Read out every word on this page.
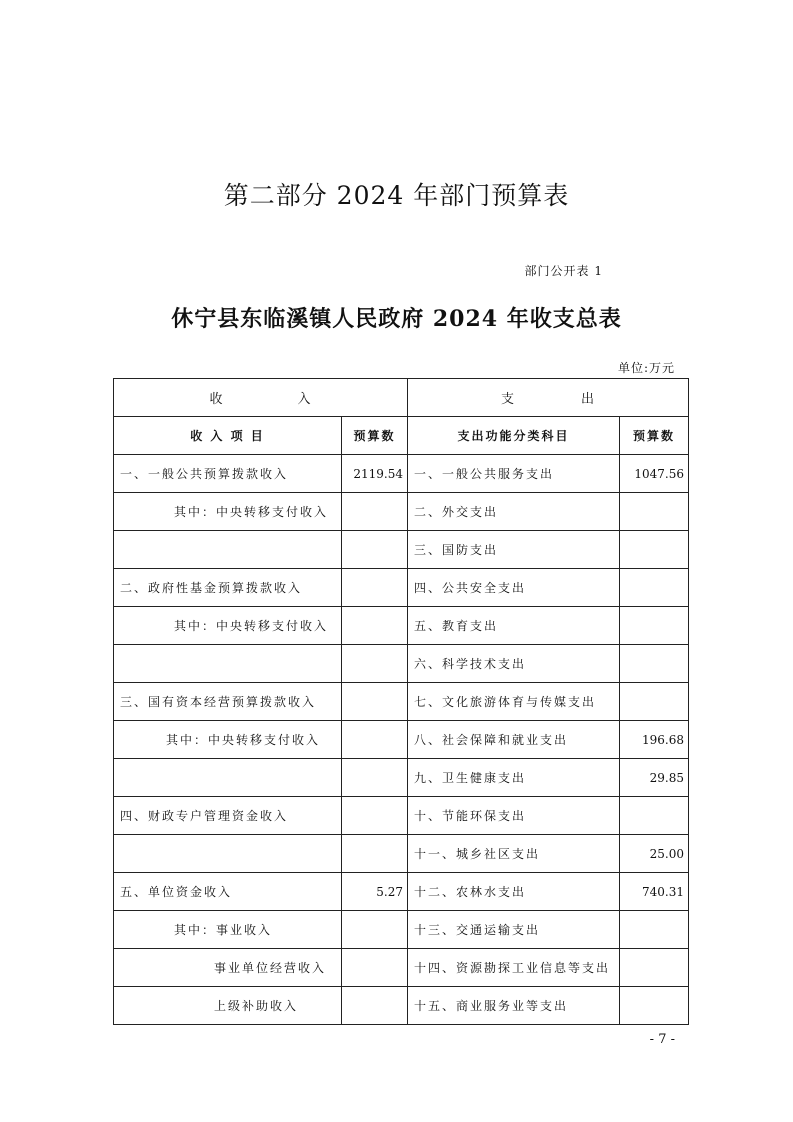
第二部分 2024 年部门预算表
部门公开表 1
休宁县东临溪镇人民政府 2024 年收支总表
单位:万元
收 入		支 出	
收 入 项 目	预算数	支出功能分类科目	预算数
一、一般公共预算拨款收入	2119.54	一、一般公共服务支出	1047.56
其中：中央转移支付收入		二、外交支出	
		三、国防支出	
二、政府性基金预算拨款收入		四、公共安全支出	
其中：中央转移支付收入		五、教育支出	
		六、科学技术支出	
三、国有资本经营预算拨款收入		七、文化旅游体育与传媒支出	
其中：中央转移支付收入		八、社会保障和就业支出	196.68
		九、卫生健康支出	29.85
四、财政专户管理资金收入		十、节能环保支出	
		十一、城乡社区支出	25.00
五、单位资金收入	5.27	十二、农林水支出	740.31
其中：事业收入		十三、交通运输支出	
事业单位经营收入		十四、资源勘探工业信息等支出	
上级补助收入		十五、商业服务业等支出	
- 7 -
